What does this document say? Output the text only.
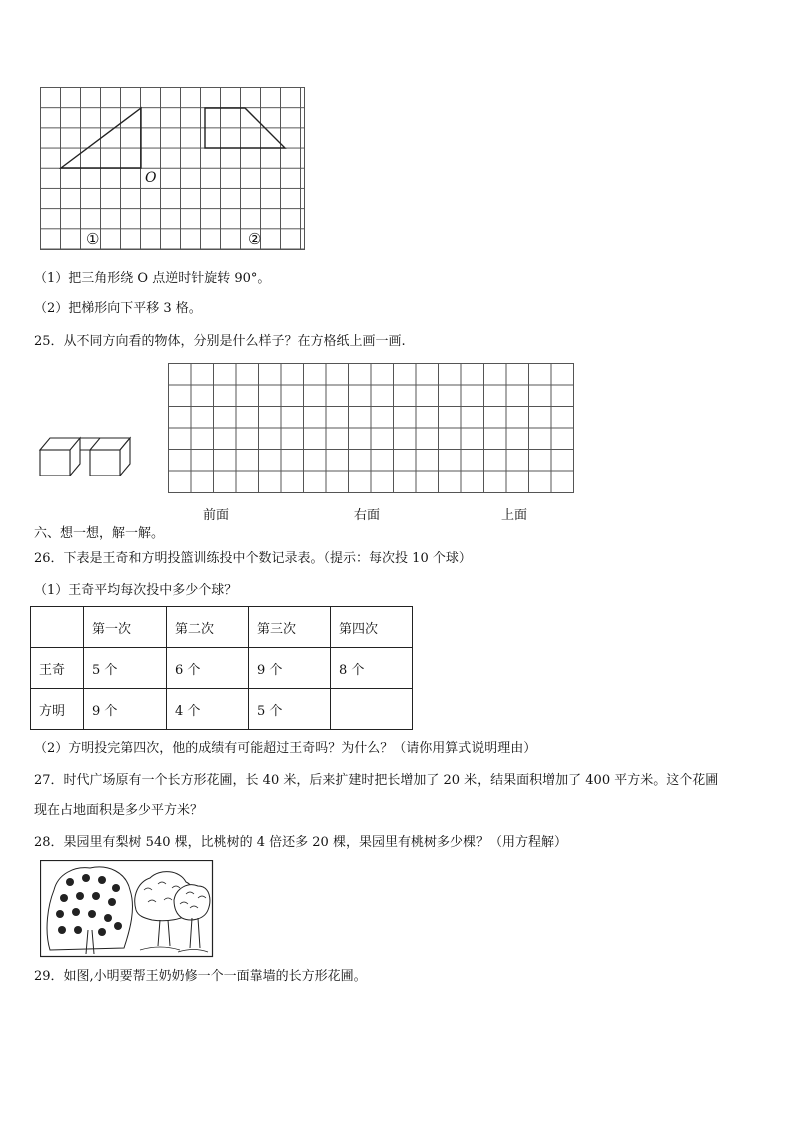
O
①	②
（1）把三角形绕 O 点逆时针旋转 90°。
（2）把梯形向下平移 3 格。
25．从不同方向看的物体，分别是什么样子？在方格纸上画一画.
前面	右面	上面
六、想一想，解一解。
26．下表是王奇和方明投篮训练投中个数记录表。（提示：每次投 10 个球）
（1）王奇平均每次投中多少个球？
	第一次	第二次	第三次	第四次
王奇	5 个	6 个	9 个	8 个
方明	9 个	4 个	5 个	
（2）方明投完第四次，他的成绩有可能超过王奇吗？为什么？（请你用算式说明理由）
27．时代广场原有一个长方形花圃，长 40 米，后来扩建时把长增加了 20 米，结果面积增加了 400 平方米。这个花圃
现在占地面积是多少平方米？
28．果园里有梨树 540 棵，比桃树的 4 倍还多 20 棵，果园里有桃树多少棵？（用方程解）
29．如图,小明要帮王奶奶修一个一面靠墙的长方形花圃。
